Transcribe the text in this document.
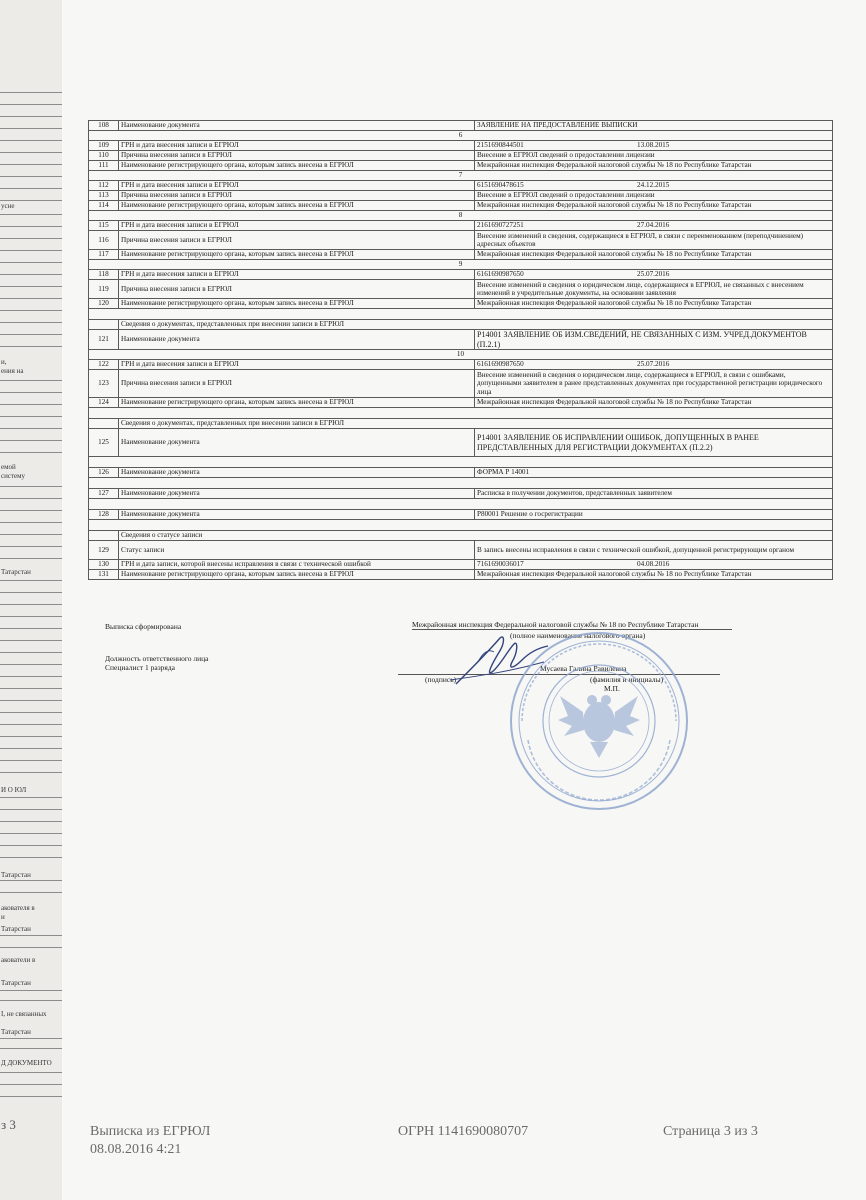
усне
и,
ения на
емой
систему
Татарстан
И О ЮЛ
Татарстан
акователя в
и
Татарстан
акователи в
Татарстан
I, не связанных
Татарстан
Д ДОКУМЕНТО
з 3
108	Наименование документа	ЗАЯВЛЕНИЕ НА ПРЕДОСТАВЛЕНИЕ ВЫПИСКИ
6		
109	ГРН и дата внесения записи в ЕГРЮЛ	2151690844501 13.08.2015

110	Причина внесения записи в ЕГРЮЛ	Внесение в ЕГРЮЛ сведений о предоставлении лицензии
111	Наименование регистрирующего органа, которым запись внесена в ЕГРЮЛ	Межрайонная инспекция Федеральной налоговой службы № 18 по Республике Татарстан
7		
112	ГРН и дата внесения записи в ЕГРЮЛ	6151690478615 24.12.2015

113	Причина внесения записи в ЕГРЮЛ	Внесение в ЕГРЮЛ сведений о предоставлении лицензии
114	Наименование регистрирующего органа, которым запись внесена в ЕГРЮЛ	Межрайонная инспекция Федеральной налоговой службы № 18 по Республике Татарстан
8		
115	ГРН и дата внесения записи в ЕГРЮЛ	2161690727251 27.04.2016

116	Причина внесения записи в ЕГРЮЛ	Внесение изменений в сведения, содержащиеся в ЕГРЮЛ, в связи с переименованием (переподчинением) адресных объектов
117	Наименование регистрирующего органа, которым запись внесена в ЕГРЮЛ	Межрайонная инспекция Федеральной налоговой службы № 18 по Республике Татарстан
9		
118	ГРН и дата внесения записи в ЕГРЮЛ	6161690987650 25.07.2016

119	Причина внесения записи в ЕГРЮЛ	Внесение изменений в сведения о юридическом лице, содержащиеся в ЕГРЮЛ, не связанных с внесением изменений в учредительные документы, на основании заявления
120	Наименование регистрирующего органа, которым запись внесена в ЕГРЮЛ	Межрайонная инспекция Федеральной налоговой службы № 18 по Республике Татарстан

	Сведения о документах, представленных при внесении записи в ЕГРЮЛ	
121	Наименование документа	Р14001 ЗАЯВЛЕНИЕ ОБ ИЗМ.СВЕДЕНИЙ, НЕ СВЯЗАННЫХ С ИЗМ. УЧРЕД.ДОКУМЕНТОВ (П.2.1)
10		
122	ГРН и дата внесения записи в ЕГРЮЛ	6161690987650 25.07.2016

123	Причина внесения записи в ЕГРЮЛ	Внесение изменений в сведения о юридическом лице, содержащиеся в ЕГРЮЛ, в связи с ошибками, допущенными заявителем в ранее представленных документах при государственной регистрации юридического лица
124	Наименование регистрирующего органа, которым запись внесена в ЕГРЮЛ	Межрайонная инспекция Федеральной налоговой службы № 18 по Республике Татарстан

	Сведения о документах, представленных при внесении записи в ЕГРЮЛ	
125	Наименование документа	Р14001 ЗАЯВЛЕНИЕ ОБ ИСПРАВЛЕНИИ ОШИБОК, ДОПУЩЕННЫХ В РАНЕЕ ПРЕДСТАВЛЕННЫХ ДЛЯ РЕГИСТРАЦИИ ДОКУМЕНТАХ (П.2.2)

126	Наименование документа	ФОРМА Р 14001

127	Наименование документа	Расписка в получении документов, представленных заявителем

128	Наименование документа	Р80001 Решение о госрегистрации

	Сведения о статусе записи	
129	Статус записи	В запись внесены исправления в связи с технической ошибкой, допущенной регистрирующим органом
130	ГРН и дата записи, которой внесены исправления в связи с технической ошибкой	7161690036017 04.08.2016

131	Наименование регистрирующего органа, которым запись внесена в ЕГРЮЛ	Межрайонная инспекция Федеральной налоговой службы № 18 по Республике Татарстан
Выписка сформирована	Межрайонная инспекция Федеральной налоговой службы № 18 по Республике Татарстан
(полное наименование налогового органа)
Должность ответственного лица
Специалист 1 разряда	Мусаева Галина Равилевна
(подпись)	(фамилия и инициалы)
М.П.
Выписка из ЕГРЮЛ
08.08.2016 4:21
ОГРН 1141690080707	Страница 3 из 3
